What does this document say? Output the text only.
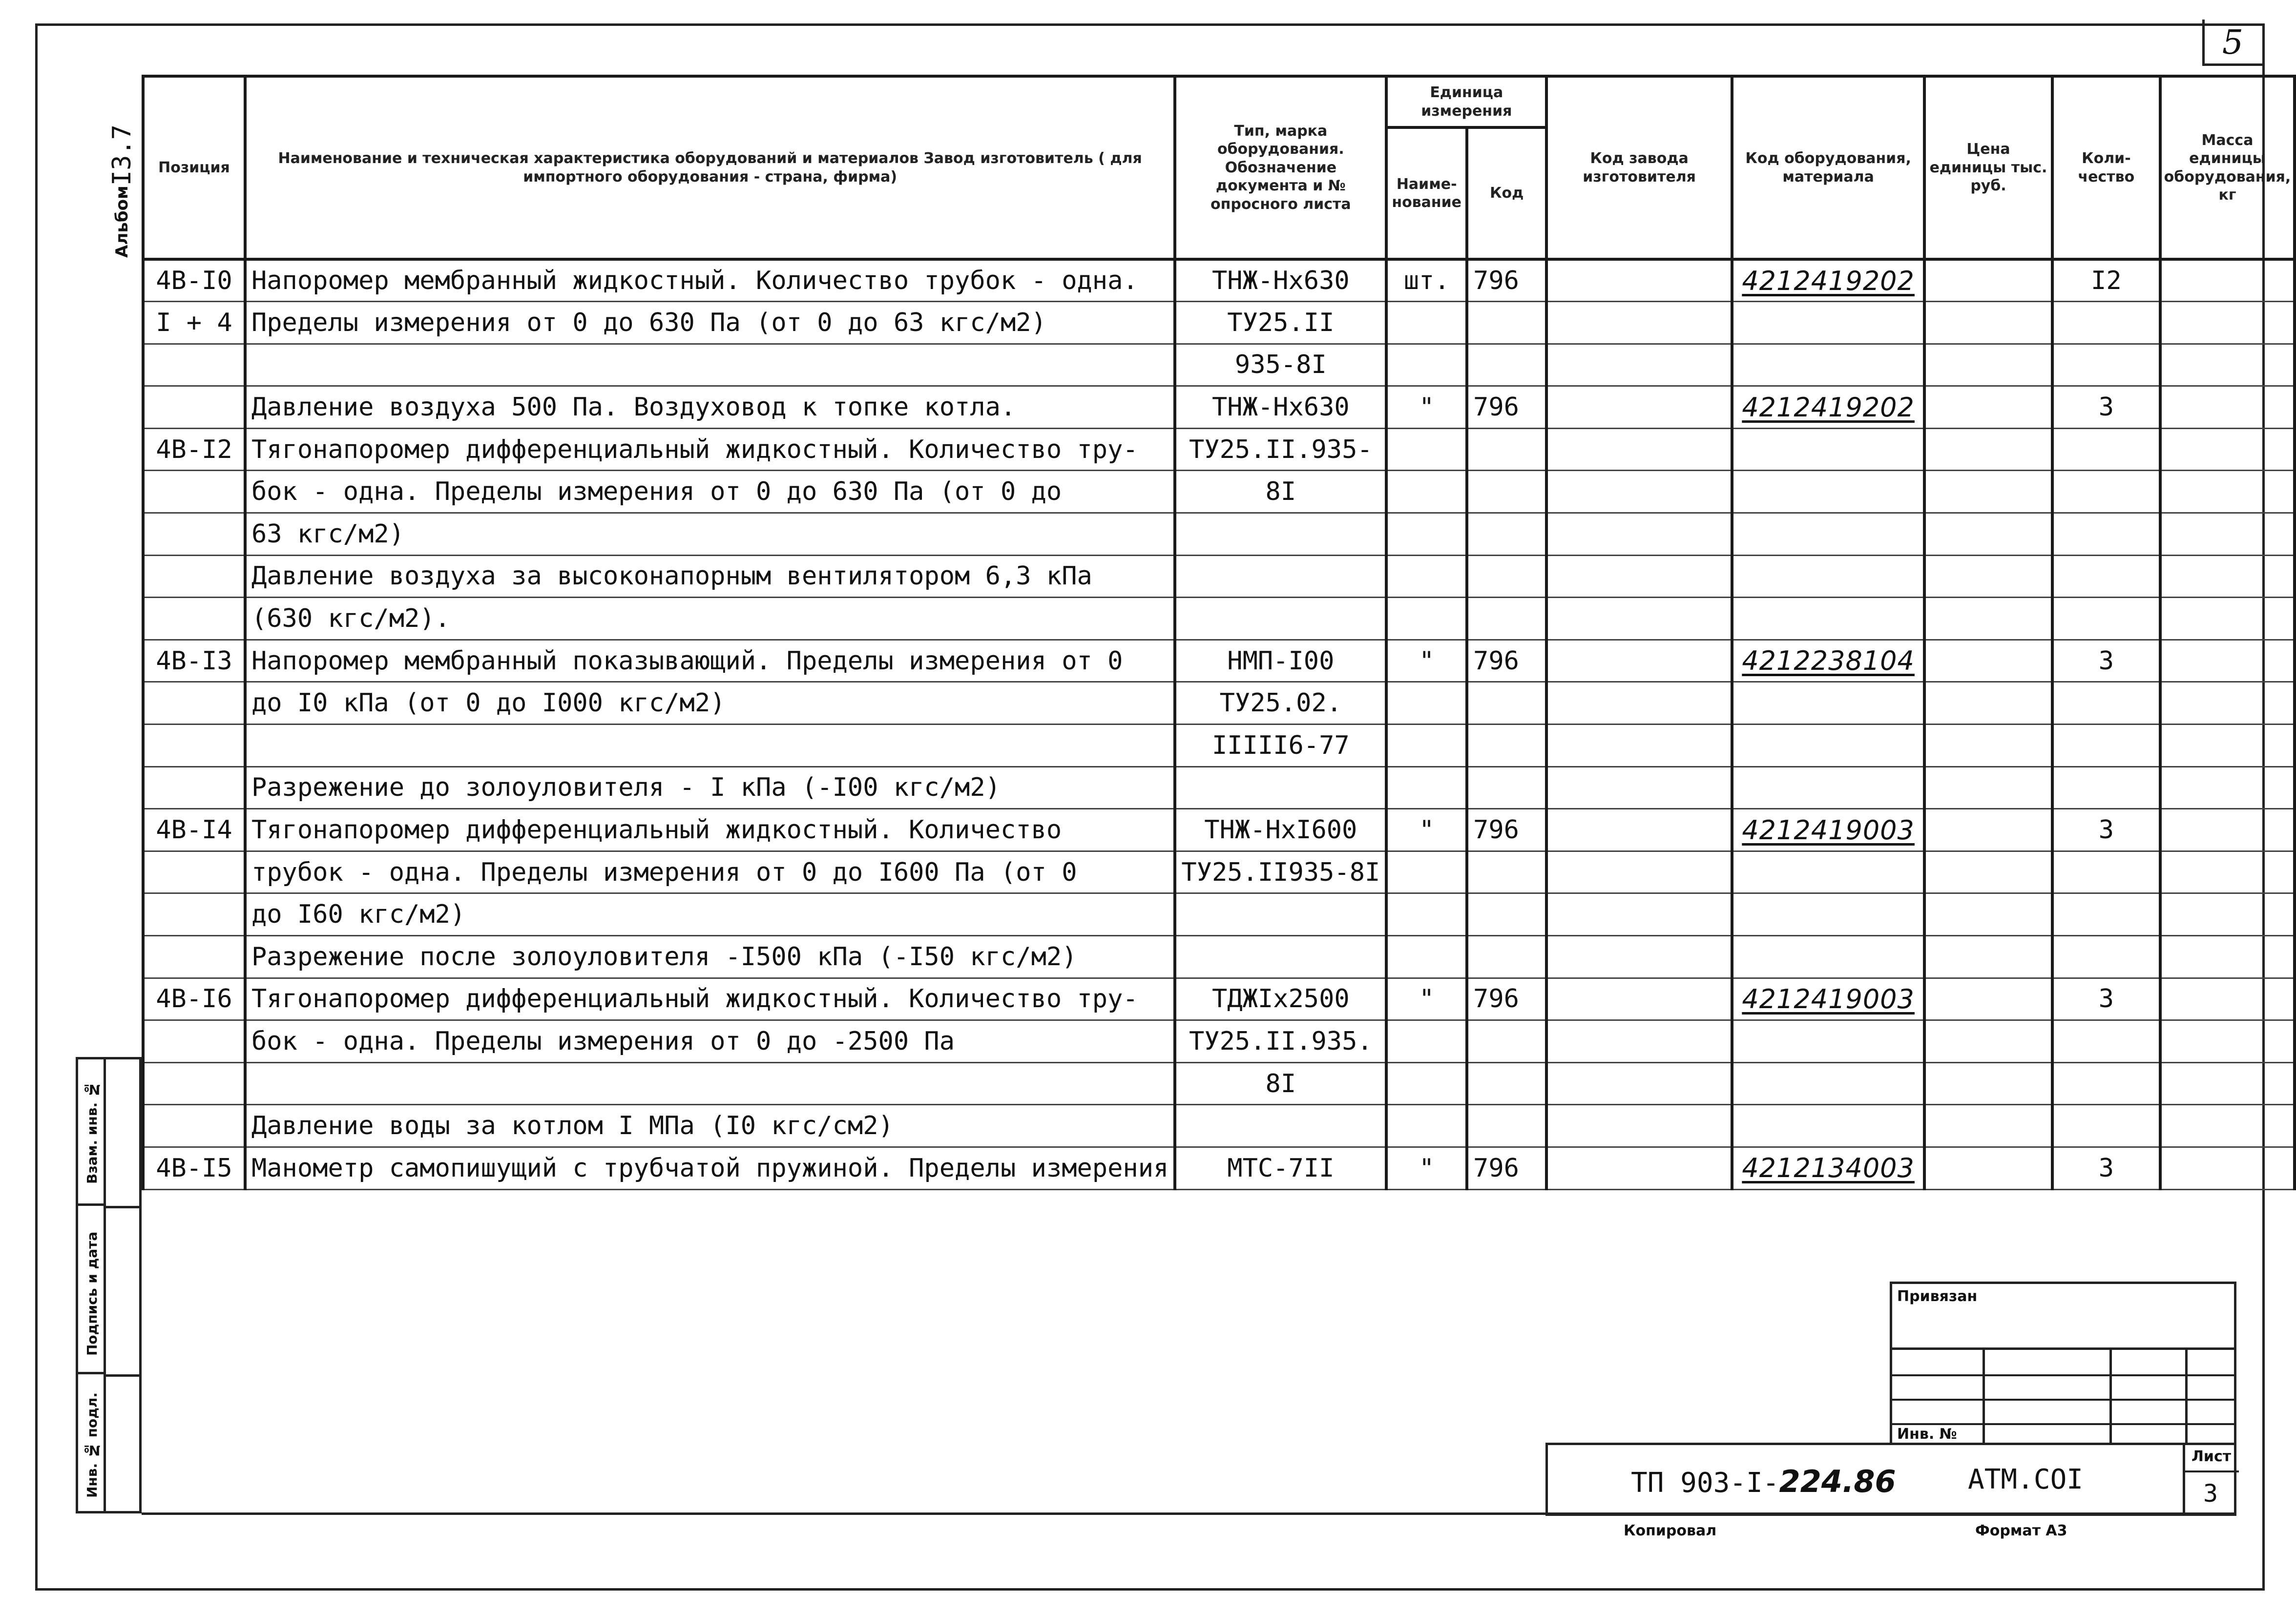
5
АльбомI3.7 Позиция	Наименование и техническая характеристика оборудований и материалов Завод изготовитель ( для импортного оборудования - страна, фирма)	Тип, марка оборудования. Обозначение документа и № опросного листа	Единица измерения		Код завода изготовителя	Код оборудования, материала	Цена единицы тыс. руб.	Коли- чество	Масса единицы оборудования, кг
			Наиме- нование	Код					
4В-I0	Напоромер мембранный жидкостный. Количество трубок - одна.	ТНЖ-Нх630	шт.	796		4212419202		I2	
I + 4	Пределы измерения от 0 до 630 Па (от 0 до 63 кгс/м2)	ТУ25.II							
		935-8I							
	Давление воздуха 500 Па. Воздуховод к топке котла.	ТНЖ-Нх630	"	796		4212419202		3	
4В-I2	Тягонапоромер дифференциальный жидкостный. Количество тру-	ТУ25.II.935-							
	бок - одна. Пределы измерения от 0 до 630 Па (от 0 до	8I							
	63 кгс/м2)								
	Давление воздуха за высоконапорным вентилятором 6,3 кПа								
	(630 кгс/м2).								
4В-I3	Напоромер мембранный показывающий. Пределы измерения от 0	НМП-I00	"	796		4212238104		3	
	до I0 кПа (от 0 до I000 кгс/м2)	ТУ25.02.							
		IIIII6-77							
	Разрежение до золоуловителя - I кПа (-I00 кгс/м2)								
4В-I4	Тягонапоромер дифференциальный жидкостный. Количество	ТНЖ-НхI600	"	796		4212419003		3	
	трубок - одна. Пределы измерения от 0 до I600 Па (от 0	ТУ25.II935-8I							
	до I60 кгс/м2)								
	Разрежение после золоуловителя -I500 кПа (-I50 кгс/м2)								
4В-I6	Тягонапоромер дифференциальный жидкостный. Количество тру-	ТДЖIх2500	"	796		4212419003		3	
	бок - одна. Пределы измерения от 0 до -2500 Па	ТУ25.II.935.							
		8I							
	Давление воды за котлом I МПа (I0 кгс/см2)								
4В-I5	Манометр самопишущий с трубчатой пружиной. Пределы измерения	МТС-7II	"	796		4212134003		3	
Взам. инв. №
Подпись и дата
Инв. № подл.
Привязан
Инв. №
Лист
3
ТП 903-I-224.86	АТМ.СОI
Копировал	Формат А3
